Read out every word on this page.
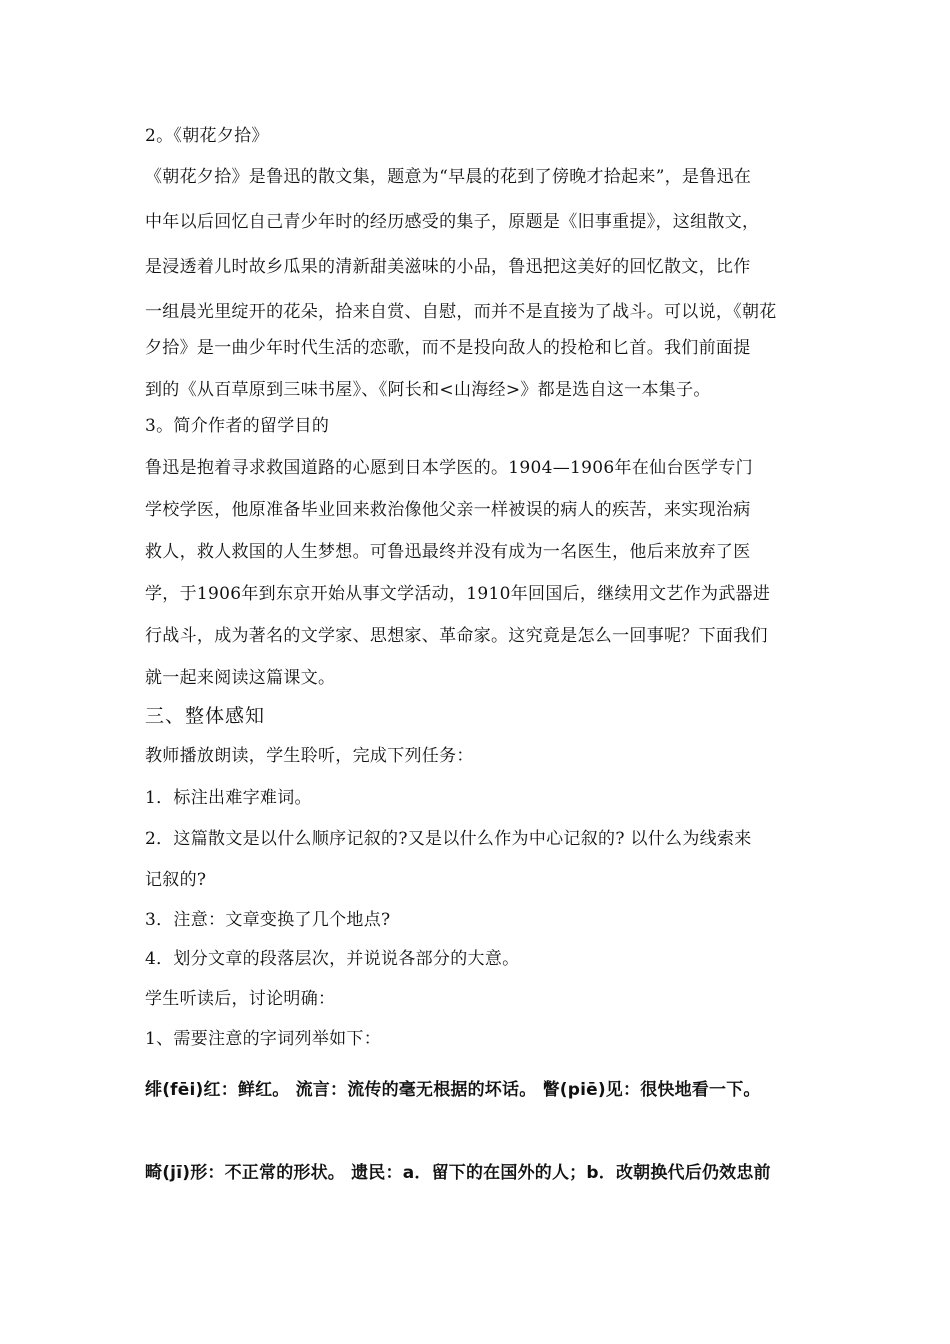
2。《朝花夕拾》
《朝花夕拾》是鲁迅的散文集，题意为“早晨的花到了傍晚才拾起来”，是鲁迅在
中年以后回忆自己青少年时的经历感受的集子，原题是《旧事重提》，这组散文，
是浸透着儿时故乡瓜果的清新甜美滋味的小品，鲁迅把这美好的回忆散文，比作
一组晨光里绽开的花朵，拾来自赏、自慰，而并不是直接为了战斗。可以说，《朝花
夕拾》是一曲少年时代生活的恋歌，而不是投向敌人的投枪和匕首。我们前面提
到的《从百草原到三味书屋》、《阿长和<山海经>》都是选自这一本集子。
3。简介作者的留学目的
鲁迅是抱着寻求救国道路的心愿到日本学医的。1904—1906年在仙台医学专门
学校学医，他原准备毕业回来救治像他父亲一样被误的病人的疾苦，来实现治病
救人，救人救国的人生梦想。可鲁迅最终并没有成为一名医生，他后来放弃了医
学，于1906年到东京开始从事文学活动，1910年回国后，继续用文艺作为武器进
行战斗，成为著名的文学家、思想家、革命家。这究竟是怎么一回事呢？下面我们
就一起来阅读这篇课文。
三、整体感知
教师播放朗读，学生聆听，完成下列任务：
1．标注出难字难词。
2．这篇散文是以什么顺序记叙的?又是以什么作为中心记叙的? 以什么为线索来
记叙的?
3．注意：文章变换了几个地点?
4．划分文章的段落层次，并说说各部分的大意。
学生听读后，讨论明确：
1、需要注意的字词列举如下：
绯(fēi)红：鲜红。 流言：流传的毫无根据的坏话。 瞥(piē)见：很快地看一下。
畸(jī)形：不正常的形状。 遗民：a．留下的在国外的人；b．改朝换代后仍效忠前
